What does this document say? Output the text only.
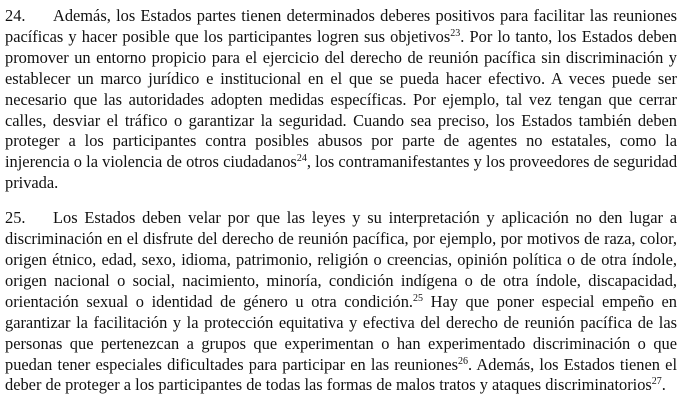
24. Además, los Estados partes tienen determinados deberes positivos para facilitar las reuniones pacíficas y hacer posible que los participantes logren sus objetivos$^{23}$. Por lo tanto, los Estados deben promover un entorno propicio para el ejercicio del derecho de reunión pacífica sin discriminación y establecer un marco jurídico e institucional en el que se pueda hacer efectivo. A veces puede ser necesario que las autoridades adopten medidas específicas. Por ejemplo, tal vez tengan que cerrar calles, desviar el tráfico o garantizar la seguridad. Cuando sea preciso, los Estados también deben proteger a los participantes contra posibles abusos por parte de agentes no estatales, como la injerencia o la violencia de otros ciudadanos$^{24}$, los contramanifestantes y los proveedores de seguridad privada.

25. Los Estados deben velar por que las leyes y su interpretación y aplicación no den lugar a discriminación en el disfrute del derecho de reunión pacífica, por ejemplo, por motivos de raza, color, origen étnico, edad, sexo, idioma, patrimonio, religión o creencias, opinión política o de otra índole, origen nacional o social, nacimiento, minoría, condición indígena o de otra índole, discapacidad, orientación sexual o identidad de género u otra condición.$^{25}$ Hay que poner especial empeño en garantizar la facilitación y la protección equitativa y efectiva del derecho de reunión pacífica de las personas que pertenezcan a grupos que experimentan o han experimentado discriminación o que puedan tener especiales dificultades para participar en las reuniones$^{26}$. Además, los Estados tienen el deber de proteger a los participantes de todas las formas de malos tratos y ataques discriminatorios$^{27}$.
